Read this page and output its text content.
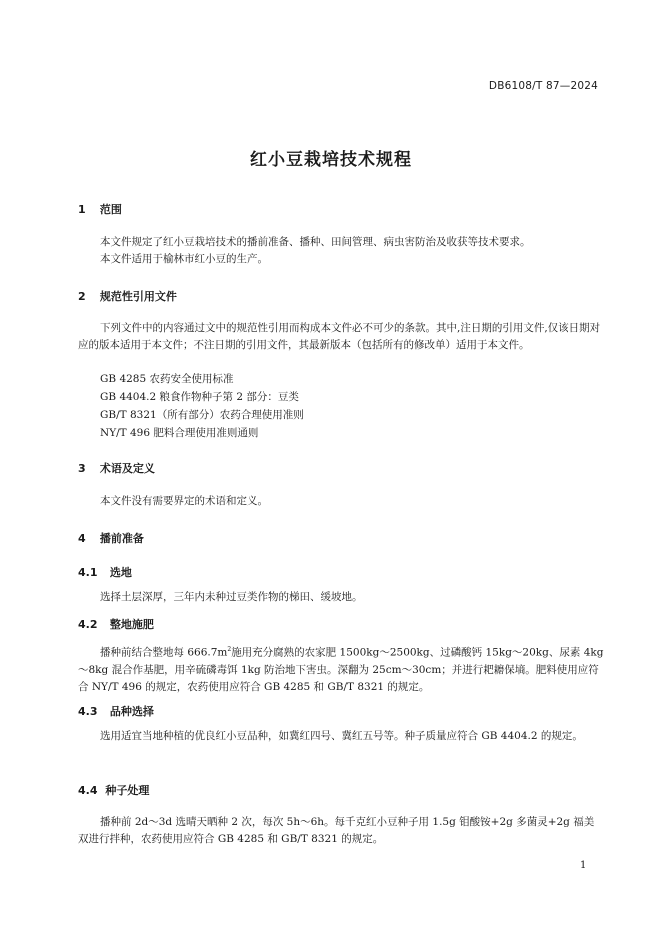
DB6108/T 87—2024
红小豆栽培技术规程
1 范围
本文件规定了红小豆栽培技术的播前准备、播种、田间管理、病虫害防治及收获等技术要求。
本文件适用于榆林市红小豆的生产。
2 规范性引用文件
下列文件中的内容通过文中的规范性引用而构成本文件必不可少的条款。其中,注日期的引用文件,仅该日期对应的版本适用于本文件；不注日期的引用文件，其最新版本（包括所有的修改单）适用于本文件。
GB 4285 农药安全使用标准
GB 4404.2 粮食作物种子第 2 部分：豆类
GB/T 8321（所有部分）农药合理使用准则
NY/T 496 肥料合理使用准则通则
3 术语及定义
本文件没有需要界定的术语和定义。
4 播前准备
4.1 选地
选择土层深厚，三年内未种过豆类作物的梯田、缓坡地。
4.2 整地施肥
播种前结合整地每 $666.7m^2$施用充分腐熟的农家肥 1500kg～2500kg、过磷酸钙 15kg～20kg、尿素 4kg～8kg 混合作基肥，用辛硫磷毒饵 1kg 防治地下害虫。深翻为 25cm～30cm；并进行耙耱保墒。肥料使用应符合 NY/T 496 的规定，农药使用应符合 GB 4285 和 GB/T 8321 的规定。
4.3 品种选择
选用适宜当地种植的优良红小豆品种，如冀红四号、冀红五号等。种子质量应符合 GB 4404.2 的规定。
4.4 种子处理
播种前 2d～3d 选晴天晒种 2 次，每次 5h～6h。每千克红小豆种子用 1.5g 钼酸铵+2g 多菌灵+2g 福美双进行拌种，农药使用应符合 GB 4285 和 GB/T 8321 的规定。
1
